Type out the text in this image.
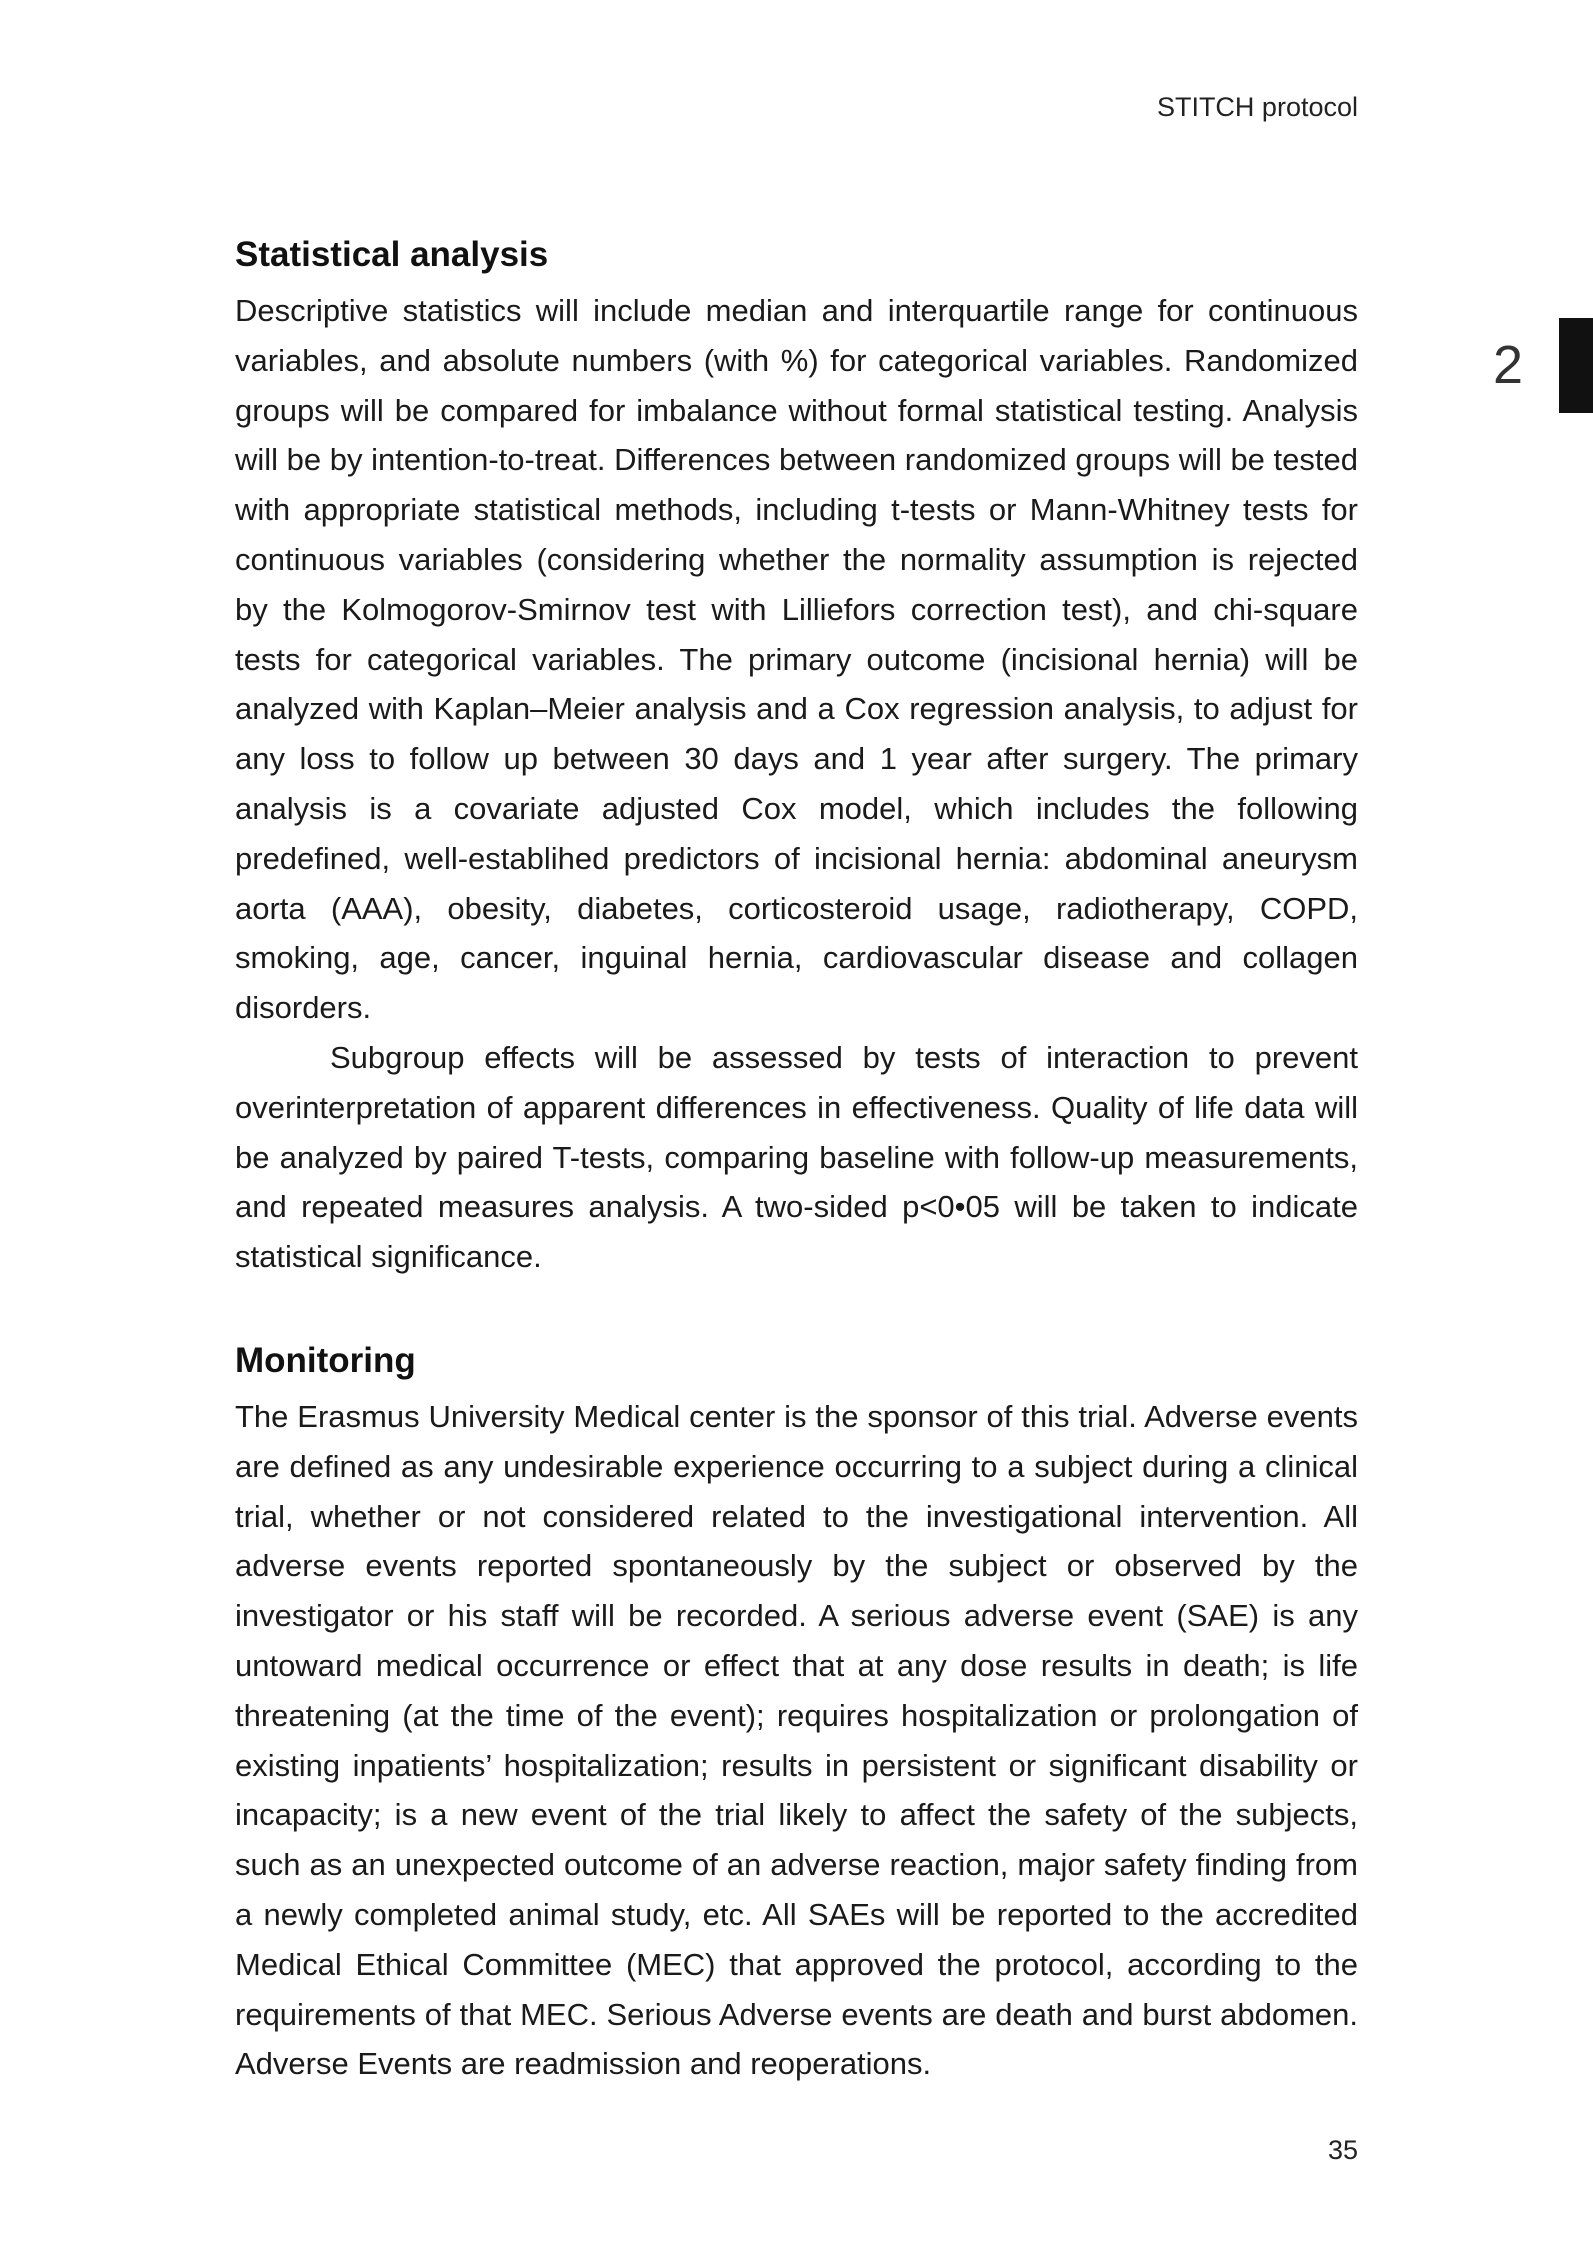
STITCH protocol
2
Statistical analysis

Descriptive statistics will include median and interquartile range for continuous variables, and absolute numbers (with %) for categorical variables. Randomized groups will be compared for imbalance without formal statistical testing. Analysis will be by intention-to-treat. Differences between randomized groups will be tested with appropriate statistical methods, including t-tests or Mann-Whitney tests for continuous variables (considering whether the normality assumption is rejected by the Kolmogorov-Smirnov test with Lilliefors correction test), and chi-square tests for categorical variables. The primary outcome (incisional hernia) will be analyzed with Kaplan–Meier analysis and a Cox regression analysis, to adjust for any loss to follow up between 30 days and 1 year after surgery. The primary analysis is a covariate adjusted Cox model, which includes the following predefined, well-establihed predictors of incisional hernia: abdominal aneurysm aorta (AAA), obesity, diabetes, corticosteroid usage, radiotherapy, COPD, smoking, age, cancer, inguinal hernia, cardiovascular disease and collagen disorders.

Subgroup effects will be assessed by tests of interaction to prevent overinterpretation of apparent differences in effectiveness. Quality of life data will be analyzed by paired T-tests, comparing baseline with follow-up measurements, and repeated measures analysis. A two-sided p<0•05 will be taken to indicate statistical significance.

Monitoring

The Erasmus University Medical center is the sponsor of this trial. Adverse events are defined as any undesirable experience occurring to a subject during a clinical trial, whether or not considered related to the investigational intervention. All adverse events reported spontaneously by the subject or observed by the investigator or his staff will be recorded. A serious adverse event (SAE) is any untoward medical occurrence or effect that at any dose results in death; is life threatening (at the time of the event); requires hospitalization or prolongation of existing inpatients’ hospitalization; results in persistent or significant disability or incapacity; is a new event of the trial likely to affect the safety of the subjects, such as an unexpected outcome of an adverse reaction, major safety finding from a newly completed animal study, etc. All SAEs will be reported to the accredited Medical Ethical Committee (MEC) that approved the protocol, according to the requirements of that MEC. Serious Adverse events are death and burst abdomen. Adverse Events are readmission and reoperations.

35
